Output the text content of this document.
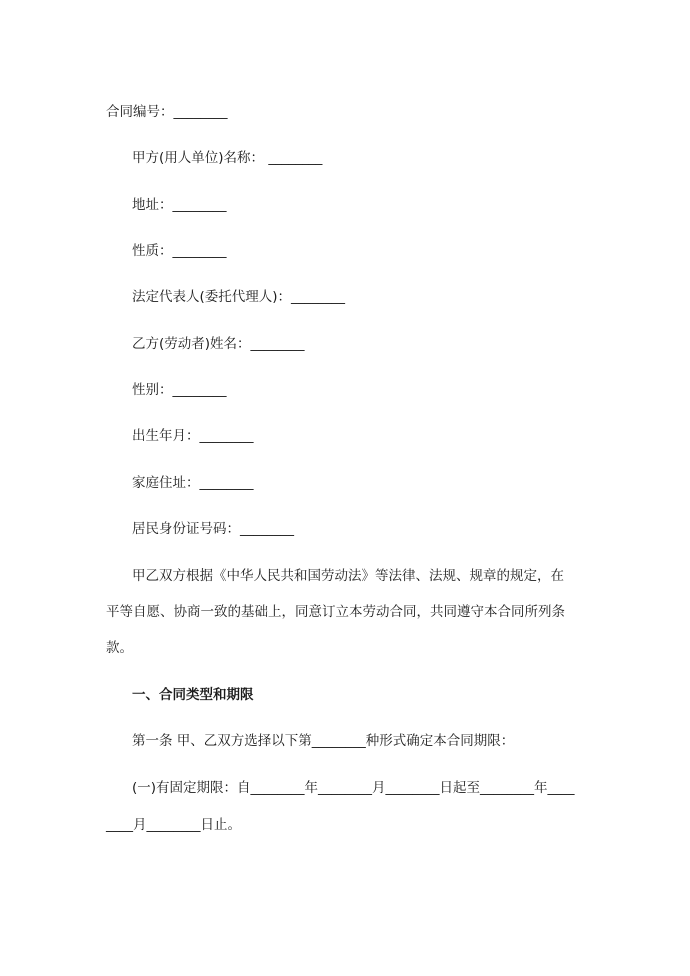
合同编号：________
甲方(用人单位)名称： ________
地址：________
性质：________
法定代表人(委托代理人)：________
乙方(劳动者)姓名：________
性别：________
出生年月：________
家庭住址：________
居民身份证号码：________
甲乙双方根据《中华人民共和国劳动法》等法律、法规、规章的规定，在
平等自愿、协商一致的基础上，同意订立本劳动合同，共同遵守本合同所列条
款。
一、合同类型和期限
第一条 甲、乙双方选择以下第________种形式确定本合同期限：
(一)有固定期限：自________年________月________日起至________年____
____月________日止。
